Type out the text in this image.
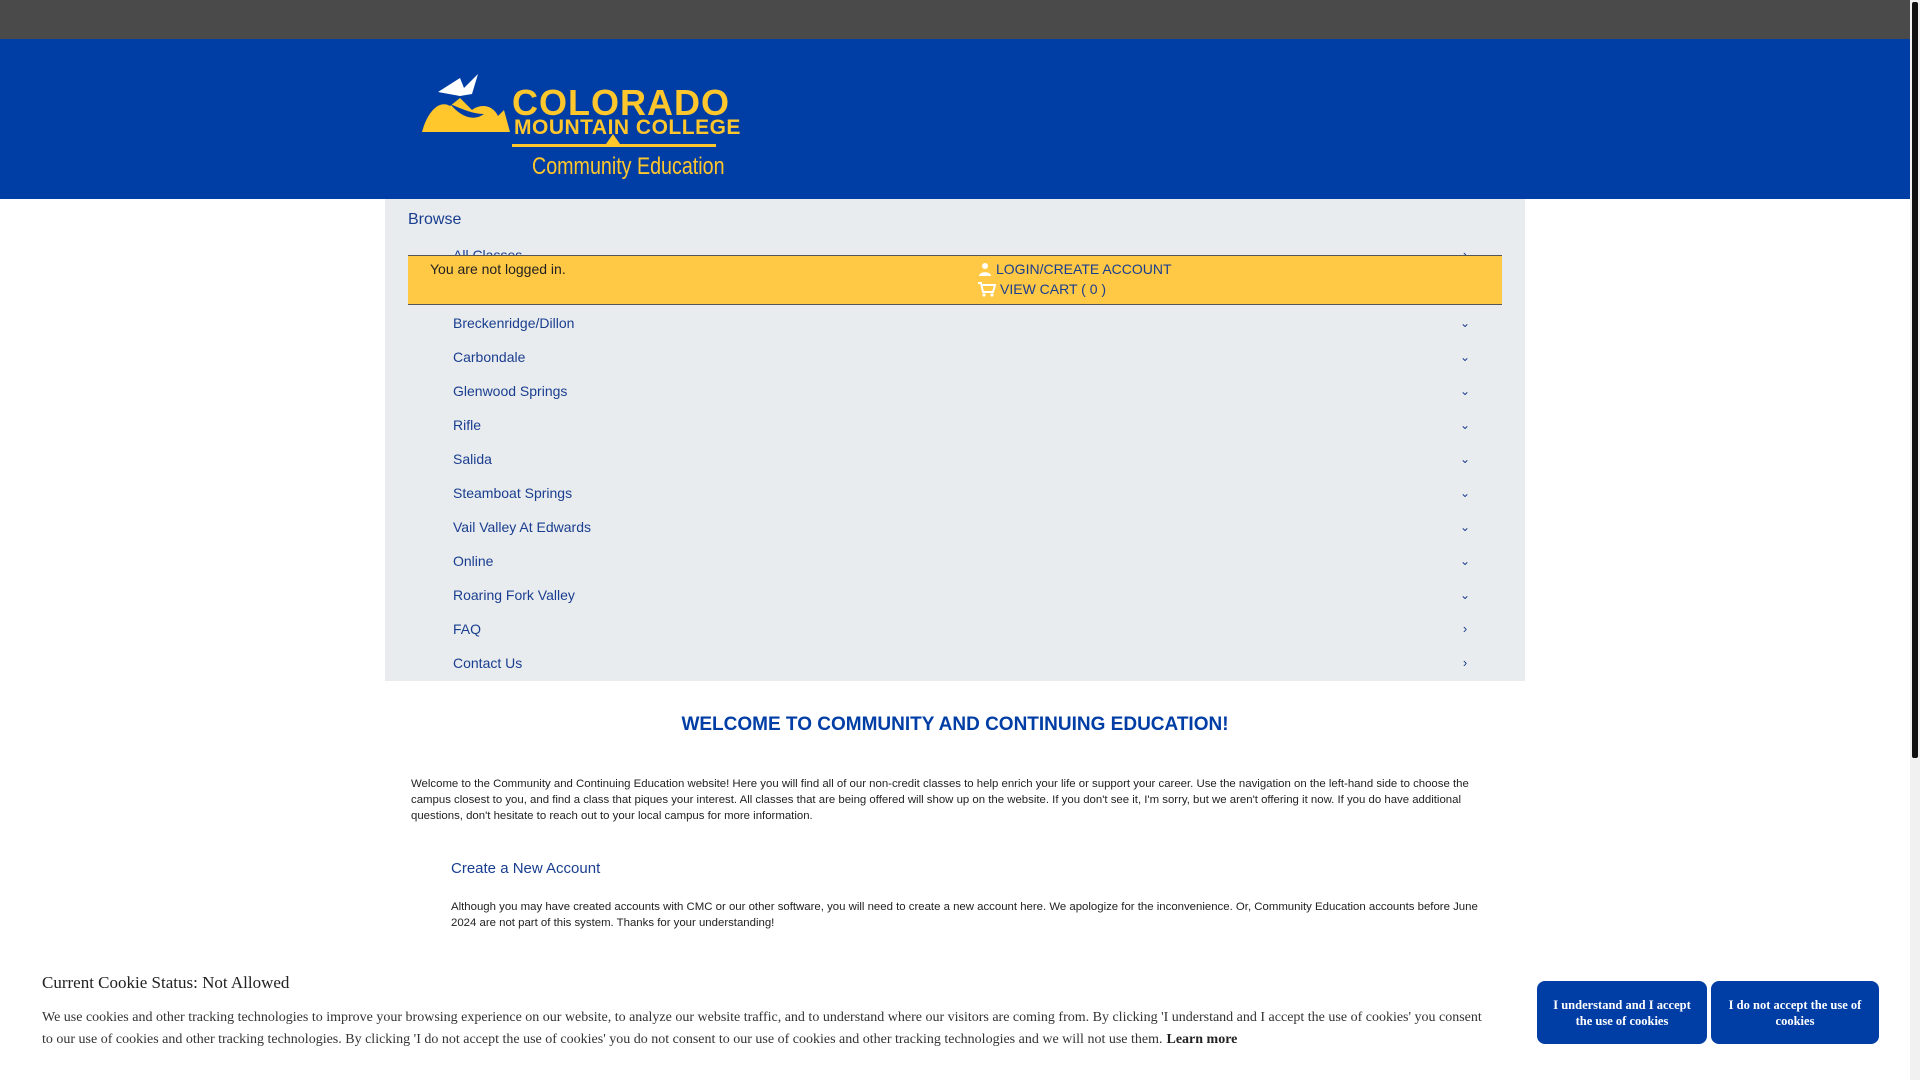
COLORADO
MOUNTAIN COLLEGE
Community Education
Browse
Breckenridge/Dillon	⌄
Carbondale	⌄
Glenwood Springs	⌄
Rifle	⌄
Salida	⌄
Steamboat Springs	⌄
Vail Valley At Edwards	⌄
Online	⌄
Roaring Fork Valley	⌄
FAQ	›
Contact Us	›
You are not logged in.	LOGIN/CREATE ACCOUNT
VIEW CART ( 0 )
WELCOME TO COMMUNITY AND CONTINUING EDUCATION!
Welcome to the Community and Continuing Education website! Here you will find all of our non-credit classes to help enrich your life or support your career. Use the navigation on the left-hand side to choose the campus closest to you, and find a class that piques your interest. All classes that are being offered will show up on the website. If you don't see it, I'm sorry, but we aren't offering it now. If you do have additional questions, don't hesitate to reach out to your local campus for more information.
Create a New Account
Although you may have created accounts with CMC or our other software, you will need to create a new account here. We apologize for the inconvenience. Or, Community Education accounts before June 2024 are not part of this system. Thanks for your understanding!
Current Cookie Status: Not Allowed
We use cookies and other tracking technologies to improve your browsing experience on our website, to analyze our website traffic, and to understand where our visitors are coming from. By clicking 'I understand and I accept the use of cookies' you consent to our use of cookies and other tracking technologies. By clicking 'I do not accept the use of cookies' you do not consent to our use of cookies and other tracking technologies and we will not use them. Learn more
I understand and I accept the use of cookies
I do not accept the use of cookies
